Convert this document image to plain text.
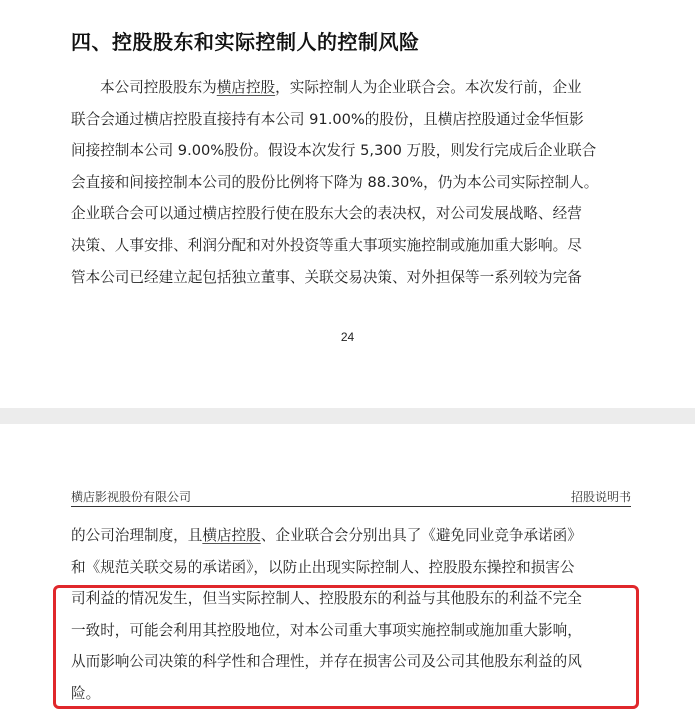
四、控股股东和实际控制人的控制风险
本公司控股股东为横店控股，实际控制人为企业联合会。本次发行前，企业
联合会通过横店控股直接持有本公司 91.00%的股份，且横店控股通过金华恒影
间接控制本公司 9.00%股份。假设本次发行 5,300 万股，则发行完成后企业联合
会直接和间接控制本公司的股份比例将下降为 88.30%，仍为本公司实际控制人。
企业联合会可以通过横店控股行使在股东大会的表决权，对公司发展战略、经营
决策、人事安排、利润分配和对外投资等重大事项实施控制或施加重大影响。尽
管本公司已经建立起包括独立董事、关联交易决策、对外担保等一系列较为完备
24
横店影视股份有限公司	招股说明书
的公司治理制度，且横店控股、企业联合会分别出具了《避免同业竞争承诺函》
和《规范关联交易的承诺函》，以防止出现实际控制人、控股股东操控和损害公
司利益的情况发生，但当实际控制人、控股股东的利益与其他股东的利益不完全
一致时，可能会利用其控股地位，对本公司重大事项实施控制或施加重大影响，
从而影响公司决策的科学性和合理性，并存在损害公司及公司其他股东利益的风
险。
